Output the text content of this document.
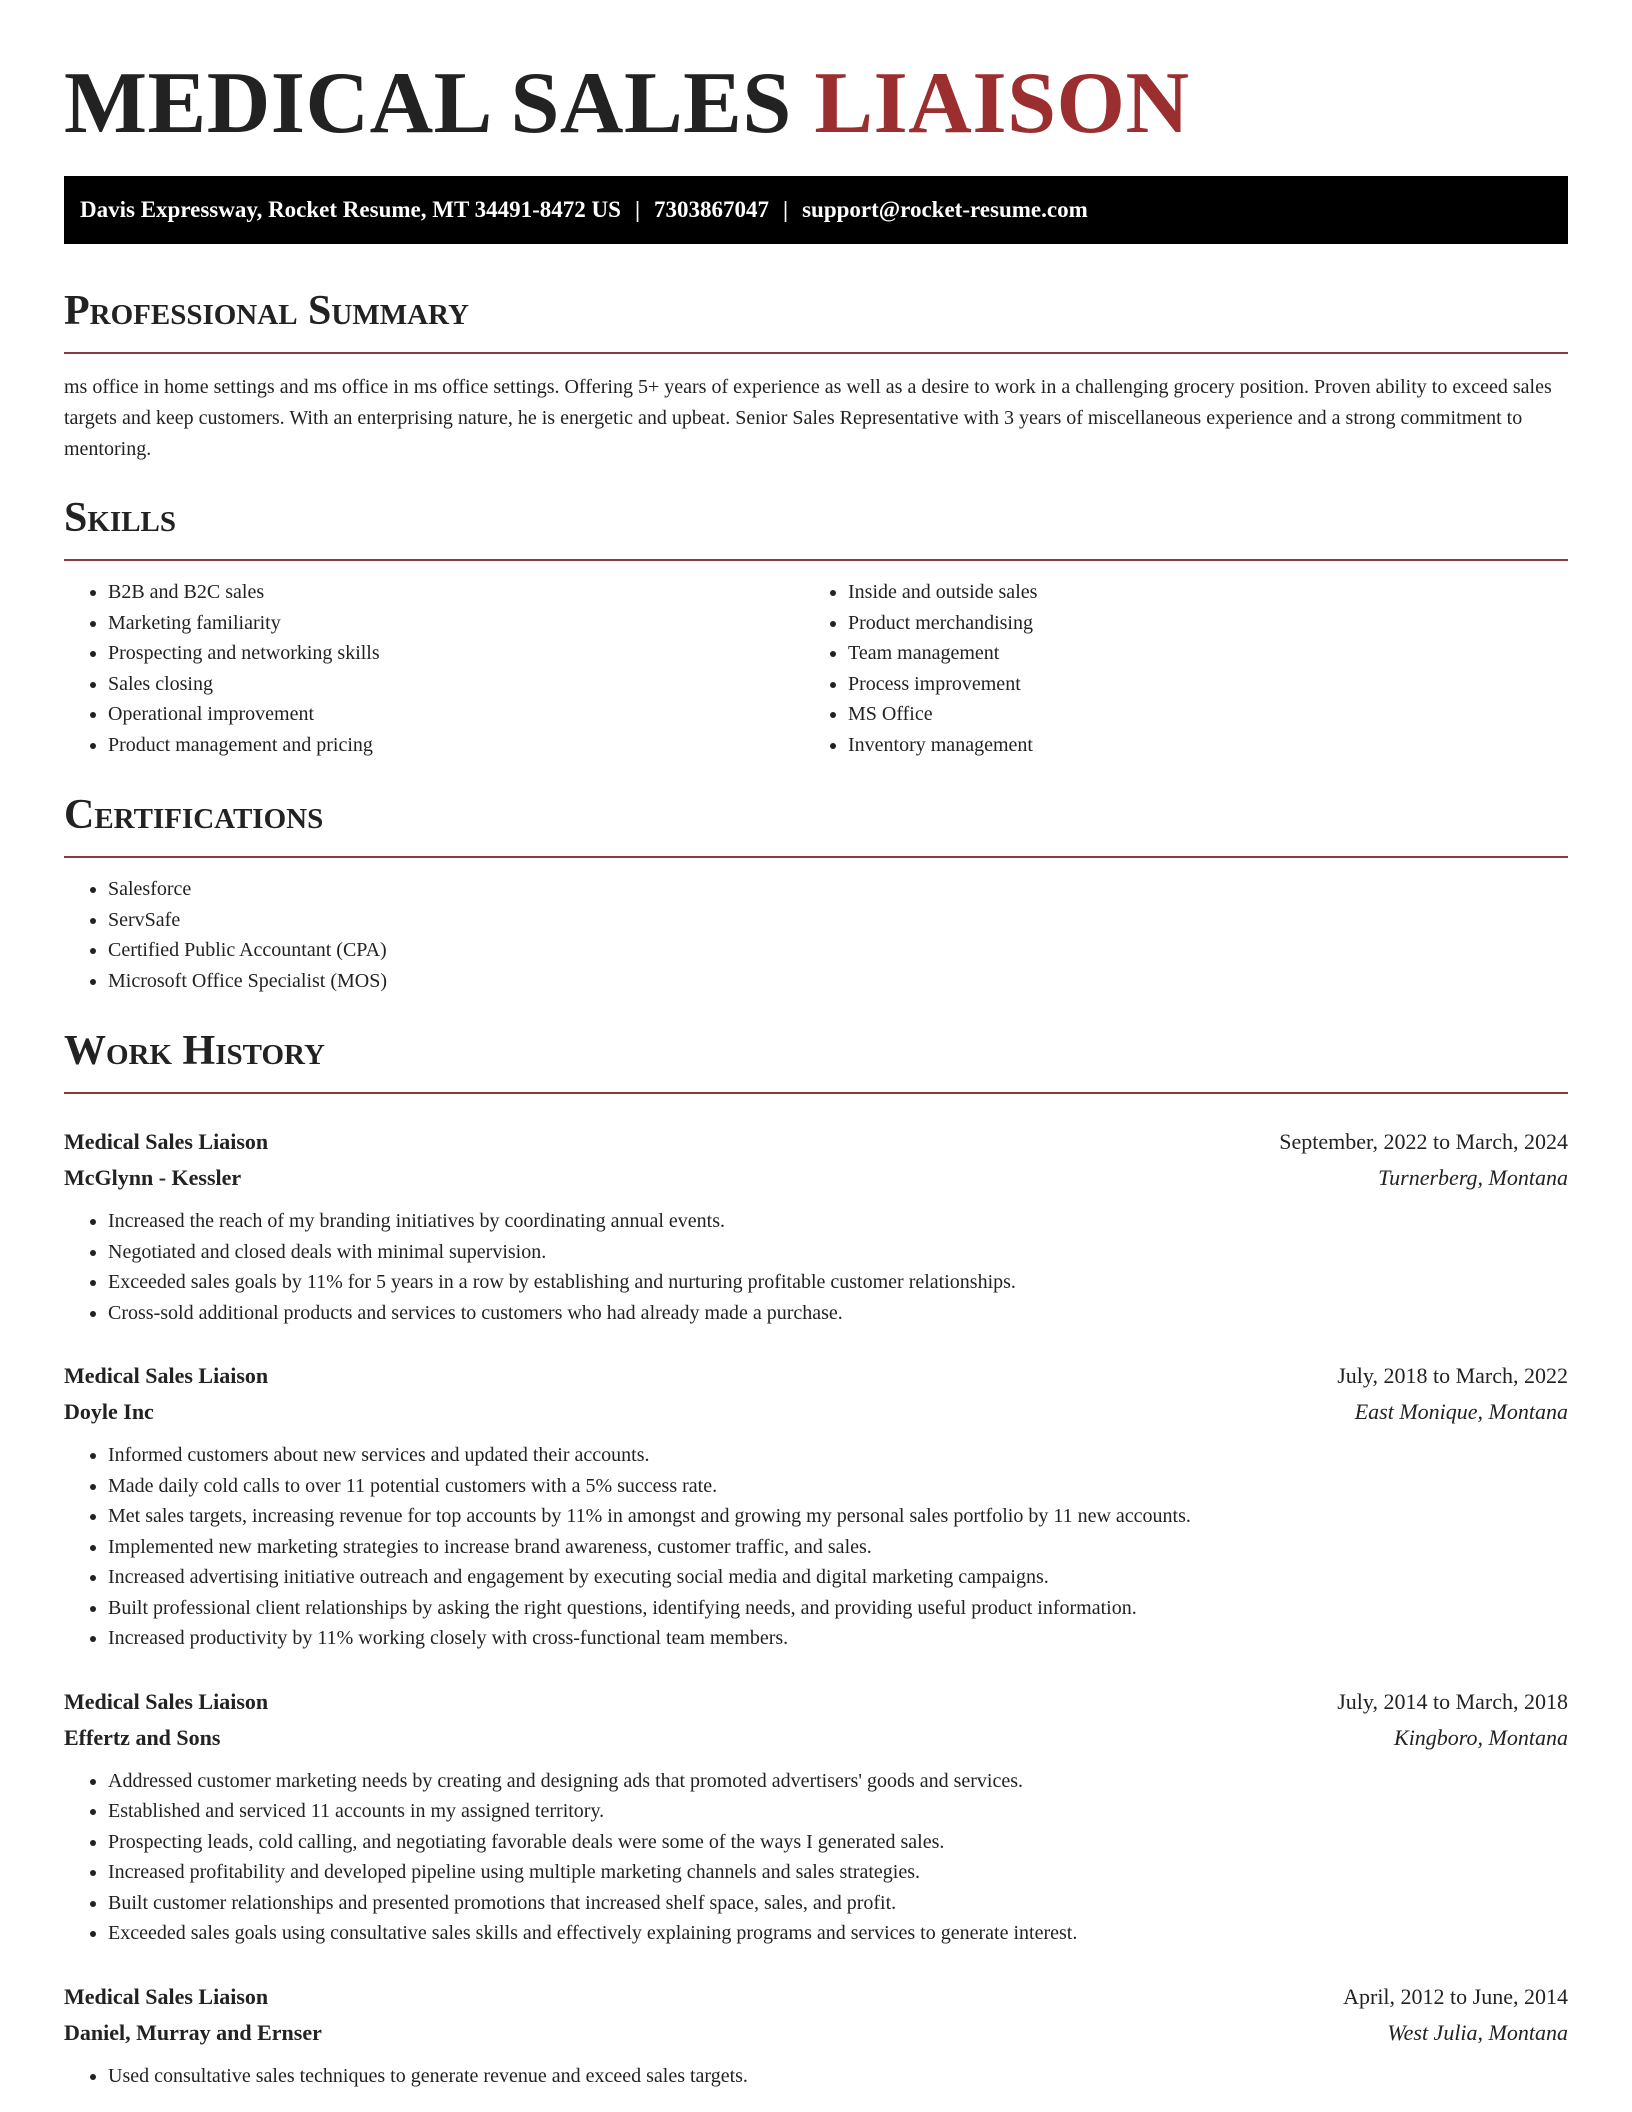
MEDICAL SALES LIAISON
Davis Expressway, Rocket Resume, MT 34491-8472 US | 7303867047 | support@rocket-resume.com
Professional Summary

ms office in home settings and ms office in ms office settings. Offering 5+ years of experience as well as a desire to work in a challenging grocery position. Proven ability to exceed sales targets and keep customers. With an enterprising nature, he is energetic and upbeat. Senior Sales Representative with 3 years of miscellaneous experience and a strong commitment to mentoring.

Skills
• B2B and B2C sales
• Marketing familiarity
• Prospecting and networking skills
• Sales closing
• Operational improvement
• Product management and pricing
• Inside and outside sales
• Product merchandising
• Team management
• Process improvement
• MS Office
• Inventory management
Certifications
• Salesforce
• ServSafe
• Certified Public Accountant (CPA)
• Microsoft Office Specialist (MOS)
Work History
Medical Sales Liaison	September, 2022 to March, 2024
McGlynn - Kessler	Turnerberg, Montana
• Increased the reach of my branding initiatives by coordinating annual events.
• Negotiated and closed deals with minimal supervision.
• Exceeded sales goals by 11% for 5 years in a row by establishing and nurturing profitable customer relationships.
• Cross-sold additional products and services to customers who had already made a purchase.
Medical Sales Liaison	July, 2018 to March, 2022
Doyle Inc	East Monique, Montana
• Informed customers about new services and updated their accounts.
• Made daily cold calls to over 11 potential customers with a 5% success rate.
• Met sales targets, increasing revenue for top accounts by 11% in amongst and growing my personal sales portfolio by 11 new accounts.
• Implemented new marketing strategies to increase brand awareness, customer traffic, and sales.
• Increased advertising initiative outreach and engagement by executing social media and digital marketing campaigns.
• Built professional client relationships by asking the right questions, identifying needs, and providing useful product information.
• Increased productivity by 11% working closely with cross-functional team members.
Medical Sales Liaison	July, 2014 to March, 2018
Effertz and Sons	Kingboro, Montana
• Addressed customer marketing needs by creating and designing ads that promoted advertisers' goods and services.
• Established and serviced 11 accounts in my assigned territory.
• Prospecting leads, cold calling, and negotiating favorable deals were some of the ways I generated sales.
• Increased profitability and developed pipeline using multiple marketing channels and sales strategies.
• Built customer relationships and presented promotions that increased shelf space, sales, and profit.
• Exceeded sales goals using consultative sales skills and effectively explaining programs and services to generate interest.
Medical Sales Liaison	April, 2012 to June, 2014
Daniel, Murray and Ernser	West Julia, Montana
• Used consultative sales techniques to generate revenue and exceed sales targets.
